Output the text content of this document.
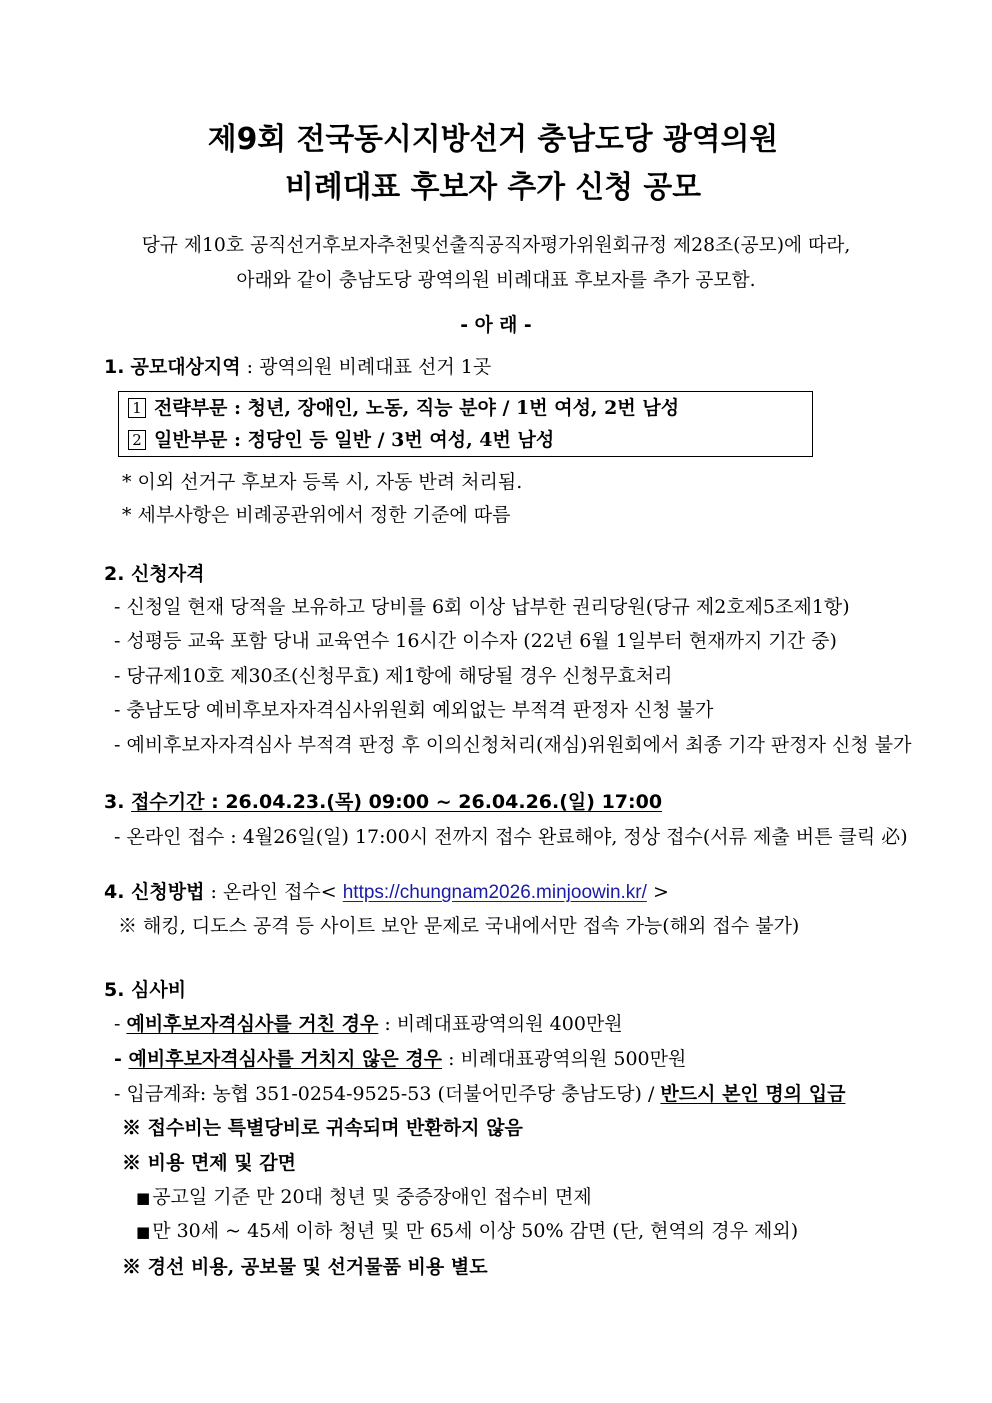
제9회 전국동시지방선거 충남도당 광역의원
비례대표 후보자 추가 신청 공모
당규 제10호 공직선거후보자추천및선출직공직자평가위원회규정 제28조(공모)에 따라,
아래와 같이 충남도당 광역의원 비례대표 후보자를 추가 공모함.
- 아 래 -
1. 공모대상지역 : 광역의원 비례대표 선거 1곳
1 전략부문 : 청년, 장애인, 노동, 직능 분야 / 1번 여성, 2번 남성
2 일반부문 : 정당인 등 일반 / 3번 여성, 4번 남성
* 이외 선거구 후보자 등록 시, 자동 반려 처리됨.
* 세부사항은 비례공관위에서 정한 기준에 따름
2. 신청자격
- 신청일 현재 당적을 보유하고 당비를 6회 이상 납부한 권리당원(당규 제2호제5조제1항)
- 성평등 교육 포함 당내 교육연수 16시간 이수자 (22년 6월 1일부터 현재까지 기간 중)
- 당규제10호 제30조(신청무효) 제1항에 해당될 경우 신청무효처리
- 충남도당 예비후보자자격심사위원회 예외없는 부적격 판정자 신청 불가
- 예비후보자자격심사 부적격 판정 후 이의신청처리(재심)위원회에서 최종 기각 판정자 신청 불가
3. 접수기간 : 26.04.23.(목) 09:00 ~ 26.04.26.(일) 17:00
- 온라인 접수 : 4월26일(일) 17:00시 전까지 접수 완료해야, 정상 접수(서류 제출 버튼 클릭 必)
4. 신청방법 : 온라인 접수< https://chungnam2026.minjoowin.kr/ >
※ 해킹, 디도스 공격 등 사이트 보안 문제로 국내에서만 접속 가능(해외 접수 불가)
5. 심사비
- 예비후보자격심사를 거친 경우 : 비례대표광역의원 400만원
- 예비후보자격심사를 거치지 않은 경우 : 비례대표광역의원 500만원
- 입금계좌: 농협 351-0254-9525-53 (더불어민주당 충남도당) / 반드시 본인 명의 입금
※ 접수비는 특별당비로 귀속되며 반환하지 않음
※ 비용 면제 및 감면
■ 공고일 기준 만 20대 청년 및 중증장애인 접수비 면제
■ 만 30세 ~ 45세 이하 청년 및 만 65세 이상 50% 감면 (단, 현역의 경우 제외)
※ 경선 비용, 공보물 및 선거물품 비용 별도
